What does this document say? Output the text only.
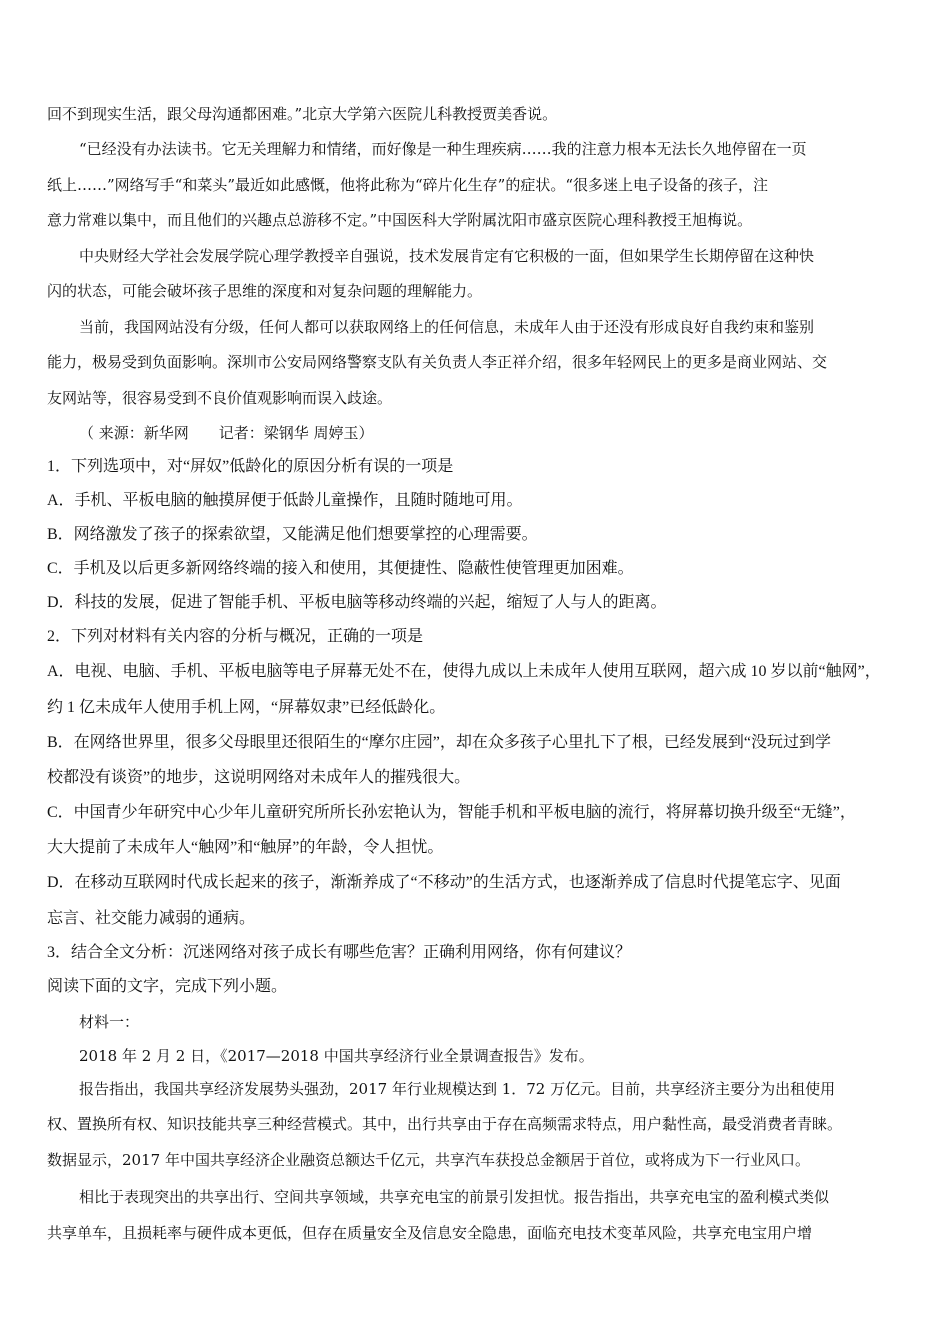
回不到现实生活，跟父母沟通都困难。”北京大学第六医院儿科教授贾美香说。
“已经没有办法读书。它无关理解力和情绪，而好像是一种生理疾病……我的注意力根本无法长久地停留在一页
纸上……”网络写手“和菜头”最近如此感慨，他将此称为“碎片化生存”的症状。“很多迷上电子设备的孩子，注
意力常难以集中，而且他们的兴趣点总游移不定。”中国医科大学附属沈阳市盛京医院心理科教授王旭梅说。
中央财经大学社会发展学院心理学教授辛自强说，技术发展肯定有它积极的一面，但如果学生长期停留在这种快
闪的状态，可能会破坏孩子思维的深度和对复杂问题的理解能力。
当前，我国网站没有分级，任何人都可以获取网络上的任何信息，未成年人由于还没有形成良好自我约束和鉴别
能力，极易受到负面影响。深圳市公安局网络警察支队有关负责人李正祥介绍，很多年轻网民上的更多是商业网站、交
友网站等，很容易受到不良价值观影响而误入歧途。
（ 来源：新华网　　记者：梁钢华 周婷玉）
1．下列选项中，对“屏奴”低龄化的原因分析有误的一项是
A．手机、平板电脑的触摸屏便于低龄儿童操作，且随时随地可用。
B．网络激发了孩子的探索欲望，又能满足他们想要掌控的心理需要。
C．手机及以后更多新网络终端的接入和使用，其便捷性、隐蔽性使管理更加困难。
D．科技的发展，促进了智能手机、平板电脑等移动终端的兴起，缩短了人与人的距离。
2．下列对材料有关内容的分析与概况，正确的一项是
A．电视、电脑、手机、平板电脑等电子屏幕无处不在，使得九成以上未成年人使用互联网，超六成 10 岁以前“触网”，
约 1 亿未成年人使用手机上网，“屏幕奴隶”已经低龄化。
B．在网络世界里，很多父母眼里还很陌生的“摩尔庄园”，却在众多孩子心里扎下了根，已经发展到“没玩过到学
校都没有谈资”的地步，这说明网络对未成年人的摧残很大。
C．中国青少年研究中心少年儿童研究所所长孙宏艳认为，智能手机和平板电脑的流行，将屏幕切换升级至“无缝”，
大大提前了未成年人“触网”和“触屏”的年龄，令人担忧。
D．在移动互联网时代成长起来的孩子，渐渐养成了“不移动”的生活方式，也逐渐养成了信息时代提笔忘字、见面
忘言、社交能力减弱的通病。
3．结合全文分析：沉迷网络对孩子成长有哪些危害？正确利用网络，你有何建议？
阅读下面的文字，完成下列小题。
材料一：
2018 年 2 月 2 日，《2017—2018 中国共享经济行业全景调查报告》发布。
报告指出，我国共享经济发展势头强劲，2017 年行业规模达到 1．72 万亿元。目前，共享经济主要分为出租使用
权、置换所有权、知识技能共享三种经营模式。其中，出行共享由于存在高频需求特点，用户黏性高，最受消费者青睐。
数据显示，2017 年中国共享经济企业融资总额达千亿元，共享汽车获投总金额居于首位，或将成为下一行业风口。
相比于表现突出的共享出行、空间共享领域，共享充电宝的前景引发担忧。报告指出，共享充电宝的盈利模式类似
共享单车，且损耗率与硬件成本更低，但存在质量安全及信息安全隐患，面临充电技术变革风险，共享充电宝用户增
